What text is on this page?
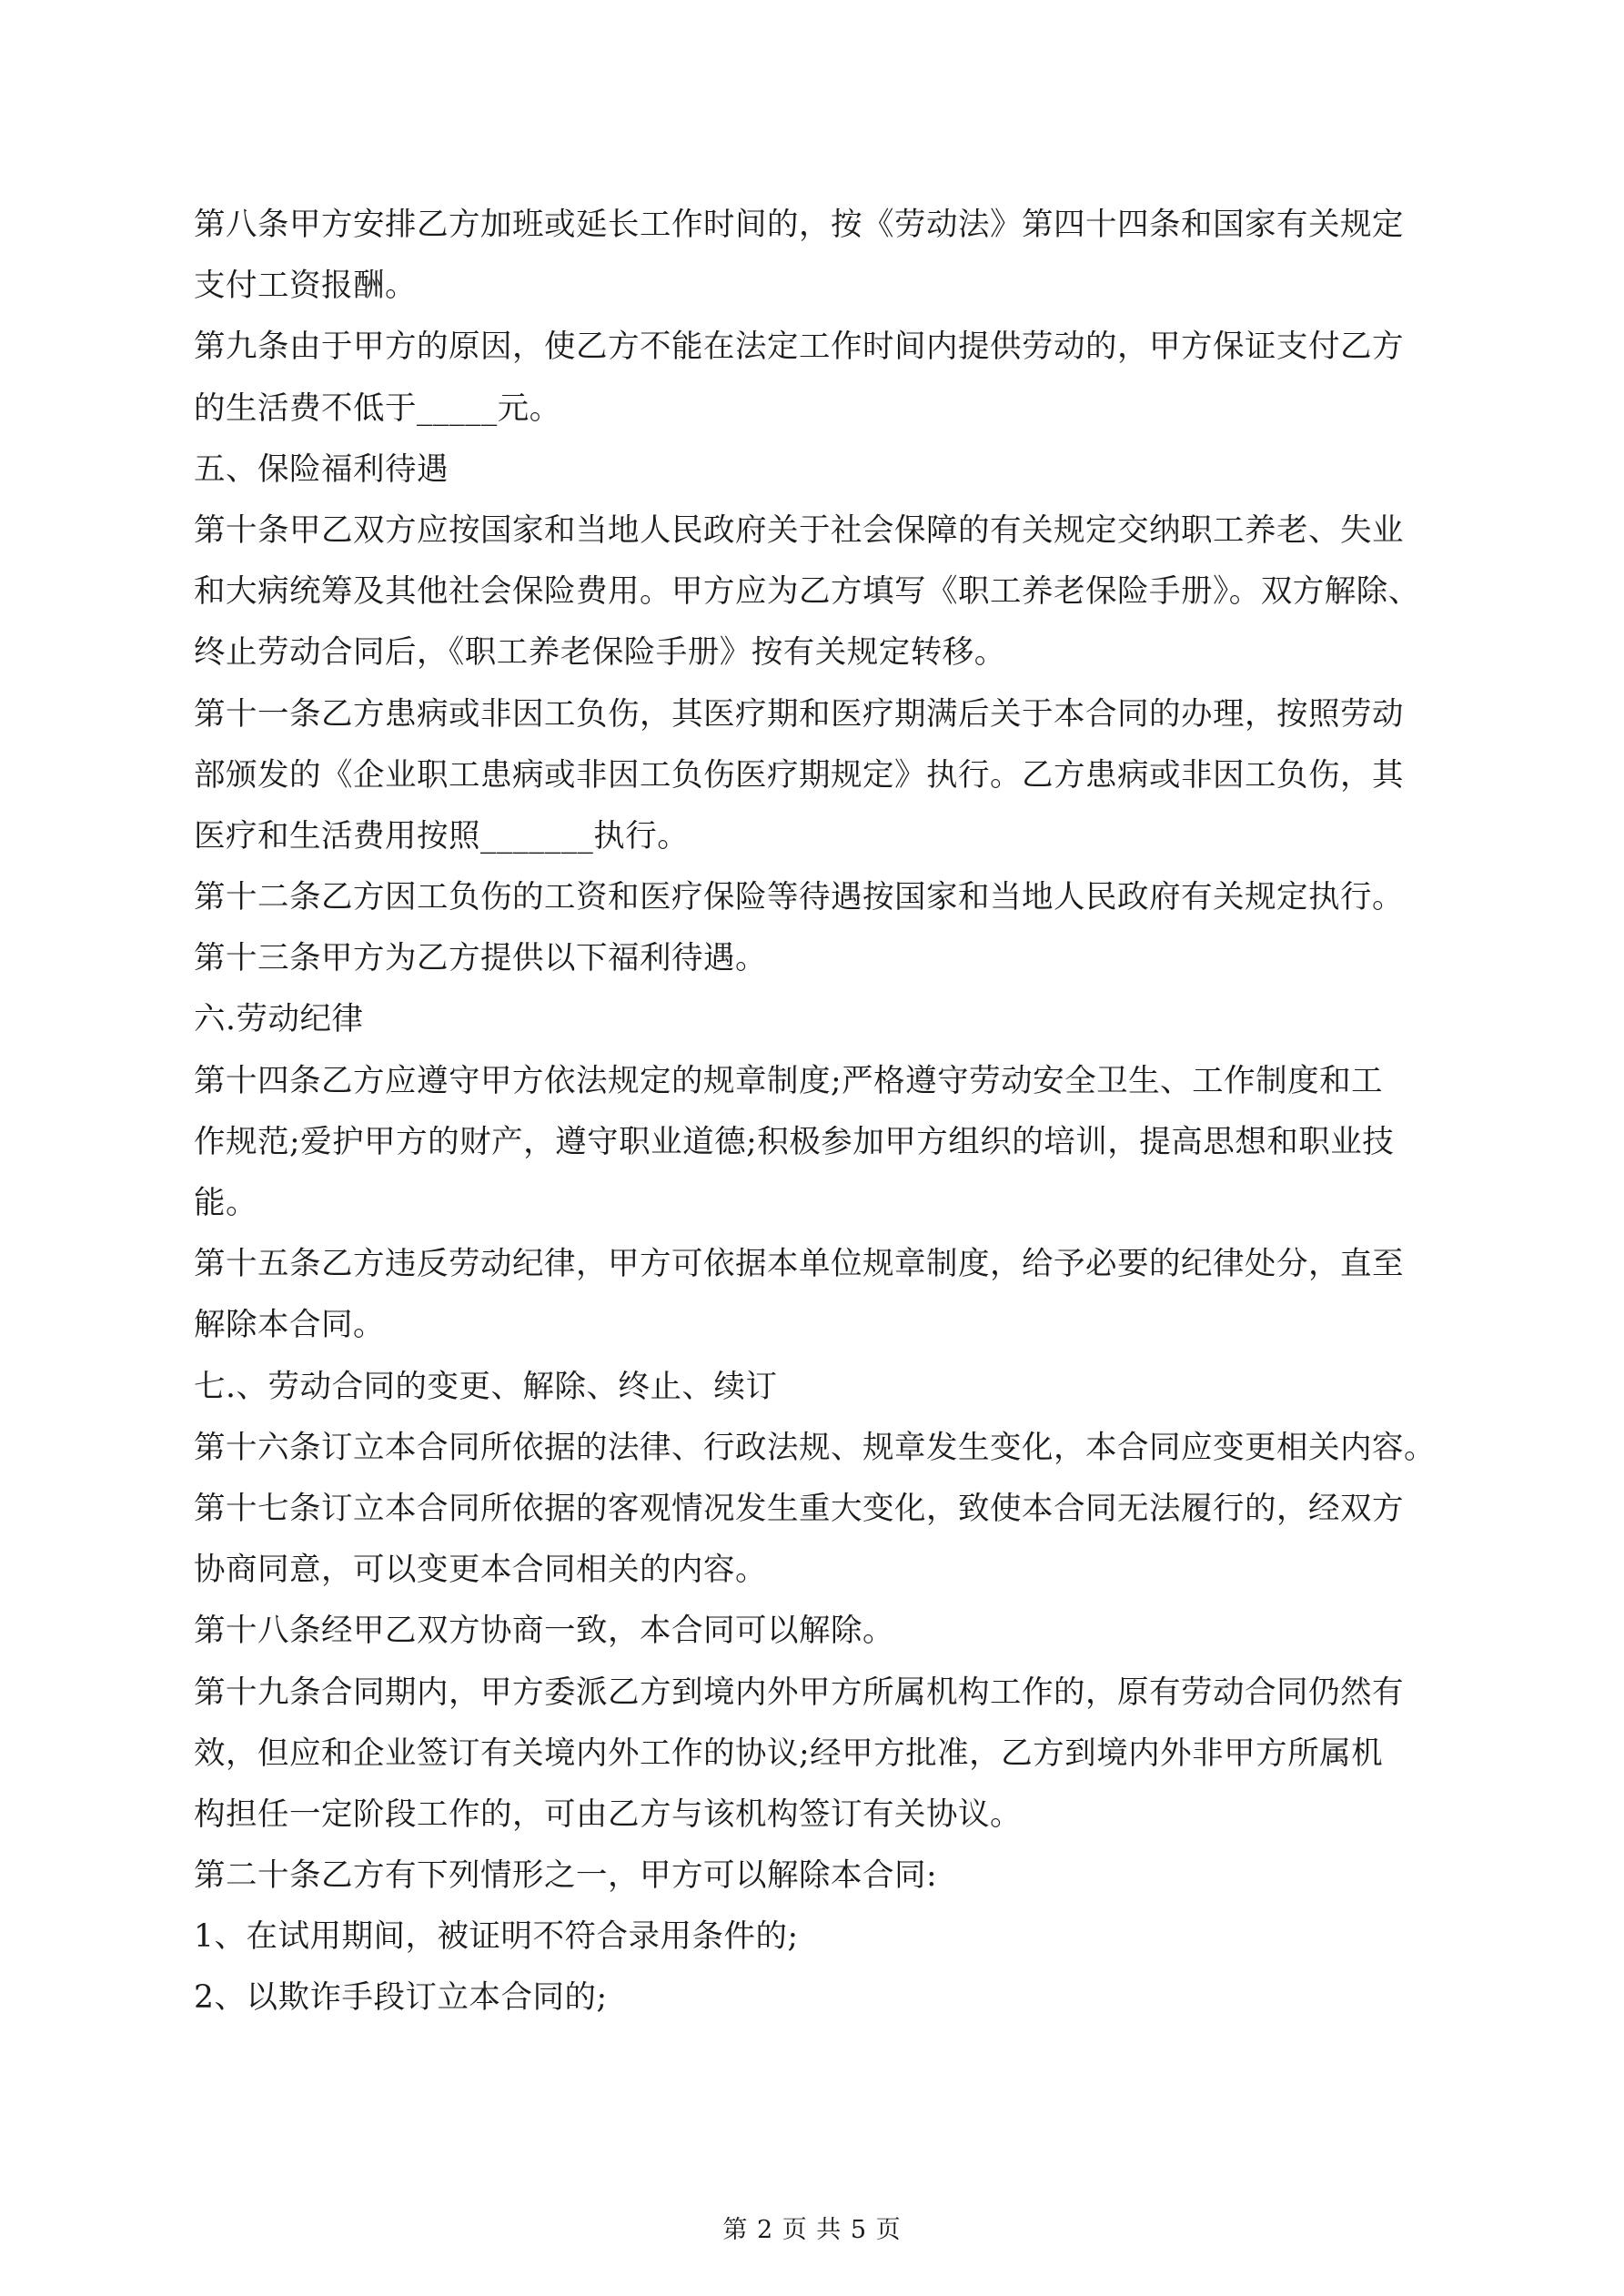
第八条甲方安排乙方加班或延长工作时间的，按《劳动法》第四十四条和国家有关规定
支付工资报酬。
第九条由于甲方的原因，使乙方不能在法定工作时间内提供劳动的，甲方保证支付乙方
的生活费不低于_____元。
五、保险福利待遇
第十条甲乙双方应按国家和当地人民政府关于社会保障的有关规定交纳职工养老、失业
和大病统筹及其他社会保险费用。甲方应为乙方填写《职工养老保险手册》。双方解除、
终止劳动合同后，《职工养老保险手册》按有关规定转移。
第十一条乙方患病或非因工负伤，其医疗期和医疗期满后关于本合同的办理，按照劳动
部颁发的《企业职工患病或非因工负伤医疗期规定》执行。乙方患病或非因工负伤，其
医疗和生活费用按照_______执行。
第十二条乙方因工负伤的工资和医疗保险等待遇按国家和当地人民政府有关规定执行。
第十三条甲方为乙方提供以下福利待遇。
六.劳动纪律
第十四条乙方应遵守甲方依法规定的规章制度;严格遵守劳动安全卫生、工作制度和工
作规范;爱护甲方的财产，遵守职业道德;积极参加甲方组织的培训，提高思想和职业技
能。
第十五条乙方违反劳动纪律，甲方可依据本单位规章制度，给予必要的纪律处分，直至
解除本合同。
七.、劳动合同的变更、解除、终止、续订
第十六条订立本合同所依据的法律、行政法规、规章发生变化，本合同应变更相关内容。
第十七条订立本合同所依据的客观情况发生重大变化，致使本合同无法履行的，经双方
协商同意，可以变更本合同相关的内容。
第十八条经甲乙双方协商一致，本合同可以解除。
第十九条合同期内，甲方委派乙方到境内外甲方所属机构工作的，原有劳动合同仍然有
效，但应和企业签订有关境内外工作的协议;经甲方批准，乙方到境内外非甲方所属机
构担任一定阶段工作的，可由乙方与该机构签订有关协议。
第二十条乙方有下列情形之一，甲方可以解除本合同:
1、在试用期间，被证明不符合录用条件的;
2、以欺诈手段订立本合同的;
第 2 页 共 5 页
